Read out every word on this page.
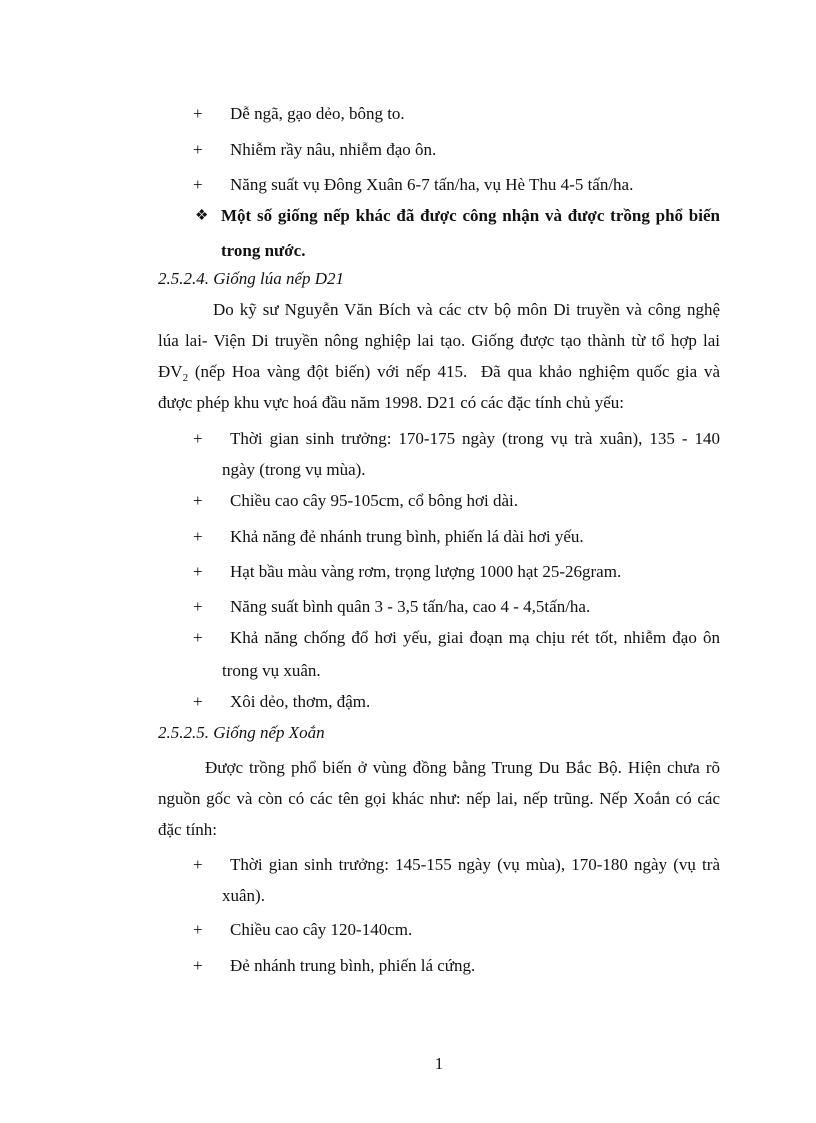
+ Dễ ngã, gạo dẻo, bông to.
+ Nhiễm rầy nâu, nhiễm đạo ôn.
+ Năng suất vụ Đông Xuân 6-7 tấn/ha, vụ Hè Thu 4-5 tấn/ha.
❖ Một số giống nếp khác đã được công nhận và được trồng phổ biến
trong nước.
2.5.2.4. Giống lúa nếp D21
Do kỹ sư Nguyễn Văn Bích và các ctv bộ môn Di truyền và công nghệ
lúa lai- Viện Di truyền nông nghiệp lai tạo. Giống được tạo thành từ tổ hợp lai
ĐV 2 (nếp Hoa vàng đột biến) với nếp 415.  Đã qua khảo nghiệm quốc gia và
được phép khu vực hoá đầu năm 1998. D21 có các đặc tính chủ yếu:
+ Thời gian sinh trưởng: 170-175 ngày (trong vụ trà xuân), 135 - 140
ngày (trong vụ mùa).
+ Chiều cao cây 95-105cm, cổ bông hơi dài.
+ Khả năng đẻ nhánh trung bình, phiến lá dài hơi yếu.
+ Hạt bầu màu vàng rơm, trọng lượng 1000 hạt 25-26gram.
+ Năng suất bình quân 3 - 3,5 tấn/ha, cao 4 - 4,5tấn/ha.
+ Khả năng chống đổ hơi yếu, giai đoạn mạ chịu rét tốt, nhiễm đạo ôn
trong vụ xuân.
+ Xôi dẻo, thơm, đậm.
2.5.2.5. Giống nếp Xoắn
Được trồng phổ biến ở vùng đồng bằng Trung Du Bắc Bộ. Hiện chưa rõ
nguồn gốc và còn có các tên gọi khác như: nếp lai, nếp trũng. Nếp Xoắn có các
đặc tính:
+ Thời gian sinh trưởng: 145-155 ngày (vụ mùa), 170-180 ngày (vụ trà
xuân).
+ Chiều cao cây 120-140cm.
+ Đẻ nhánh trung bình, phiến lá cứng.
1
